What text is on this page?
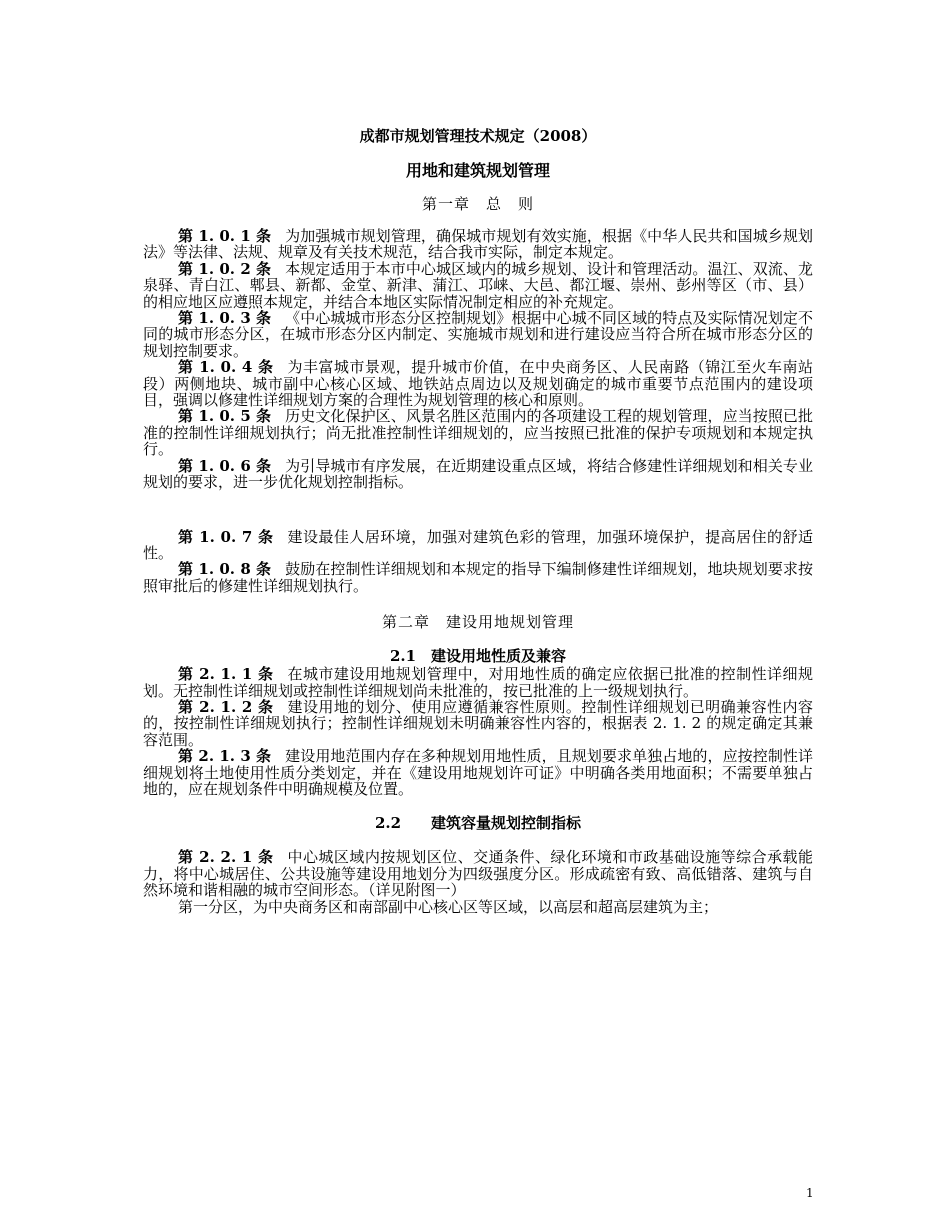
成都市规划管理技术规定（2008）

用地和建筑规划管理

第一章　总　则

第 1. 0. 1 条 为加强城市规划管理，确保城市规划有效实施，根据《中华人民共和国城乡规划法》等法律、法规、规章及有关技术规范，结合我市实际，制定本规定。

第 1. 0. 2 条 本规定适用于本市中心城区域内的城乡规划、设计和管理活动。温江、双流、龙泉驿、青白江、郫县、新都、金堂、新津、蒲江、邛崃、大邑、都江堰、崇州、彭州等区（市、县）的相应地区应遵照本规定，并结合本地区实际情况制定相应的补充规定。

第 1. 0. 3 条 《中心城城市形态分区控制规划》根据中心城不同区域的特点及实际情况划定不同的城市形态分区，在城市形态分区内制定、实施城市规划和进行建设应当符合所在城市形态分区的规划控制要求。

第 1. 0. 4 条 为丰富城市景观，提升城市价值，在中央商务区、人民南路（锦江至火车南站段）两侧地块、城市副中心核心区域、地铁站点周边以及规划确定的城市重要节点范围内的建设项目，强调以修建性详细规划方案的合理性为规划管理的核心和原则。

第 1. 0. 5 条 历史文化保护区、风景名胜区范围内的各项建设工程的规划管理，应当按照已批准的控制性详细规划执行；尚无批准控制性详细规划的，应当按照已批准的保护专项规划和本规定执行。

第 1. 0. 6 条 为引导城市有序发展，在近期建设重点区域，将结合修建性详细规划和相关专业规划的要求，进一步优化规划控制指标。

第 1. 0. 7 条 建设最佳人居环境，加强对建筑色彩的管理，加强环境保护，提高居住的舒适性。

第 1. 0. 8 条 鼓励在控制性详细规划和本规定的指导下编制修建性详细规划，地块规划要求按照审批后的修建性详细规划执行。

第二章　建设用地规划管理

2.1　建设用地性质及兼容

第 2. 1. 1 条 在城市建设用地规划管理中，对用地性质的确定应依据已批准的控制性详细规划。无控制性详细规划或控制性详细规划尚未批准的，按已批准的上一级规划执行。

第 2. 1. 2 条 建设用地的划分、使用应遵循兼容性原则。控制性详细规划已明确兼容性内容的，按控制性详细规划执行；控制性详细规划未明确兼容性内容的，根据表 2. 1. 2 的规定确定其兼容范围。

第 2. 1. 3 条 建设用地范围内存在多种规划用地性质，且规划要求单独占地的，应按控制性详细规划将土地使用性质分类划定，并在《建设用地规划许可证》中明确各类用地面积；不需要单独占地的，应在规划条件中明确规模及位置。

2.2　　建筑容量规划控制指标

第 2. 2. 1 条 中心城区域内按规划区位、交通条件、绿化环境和市政基础设施等综合承载能力，将中心城居住、公共设施等建设用地划分为四级强度分区。形成疏密有致、高低错落、建筑与自然环境和谐相融的城市空间形态。（详见附图一）

第一分区，为中央商务区和南部副中心核心区等区域，以高层和超高层建筑为主；

1
